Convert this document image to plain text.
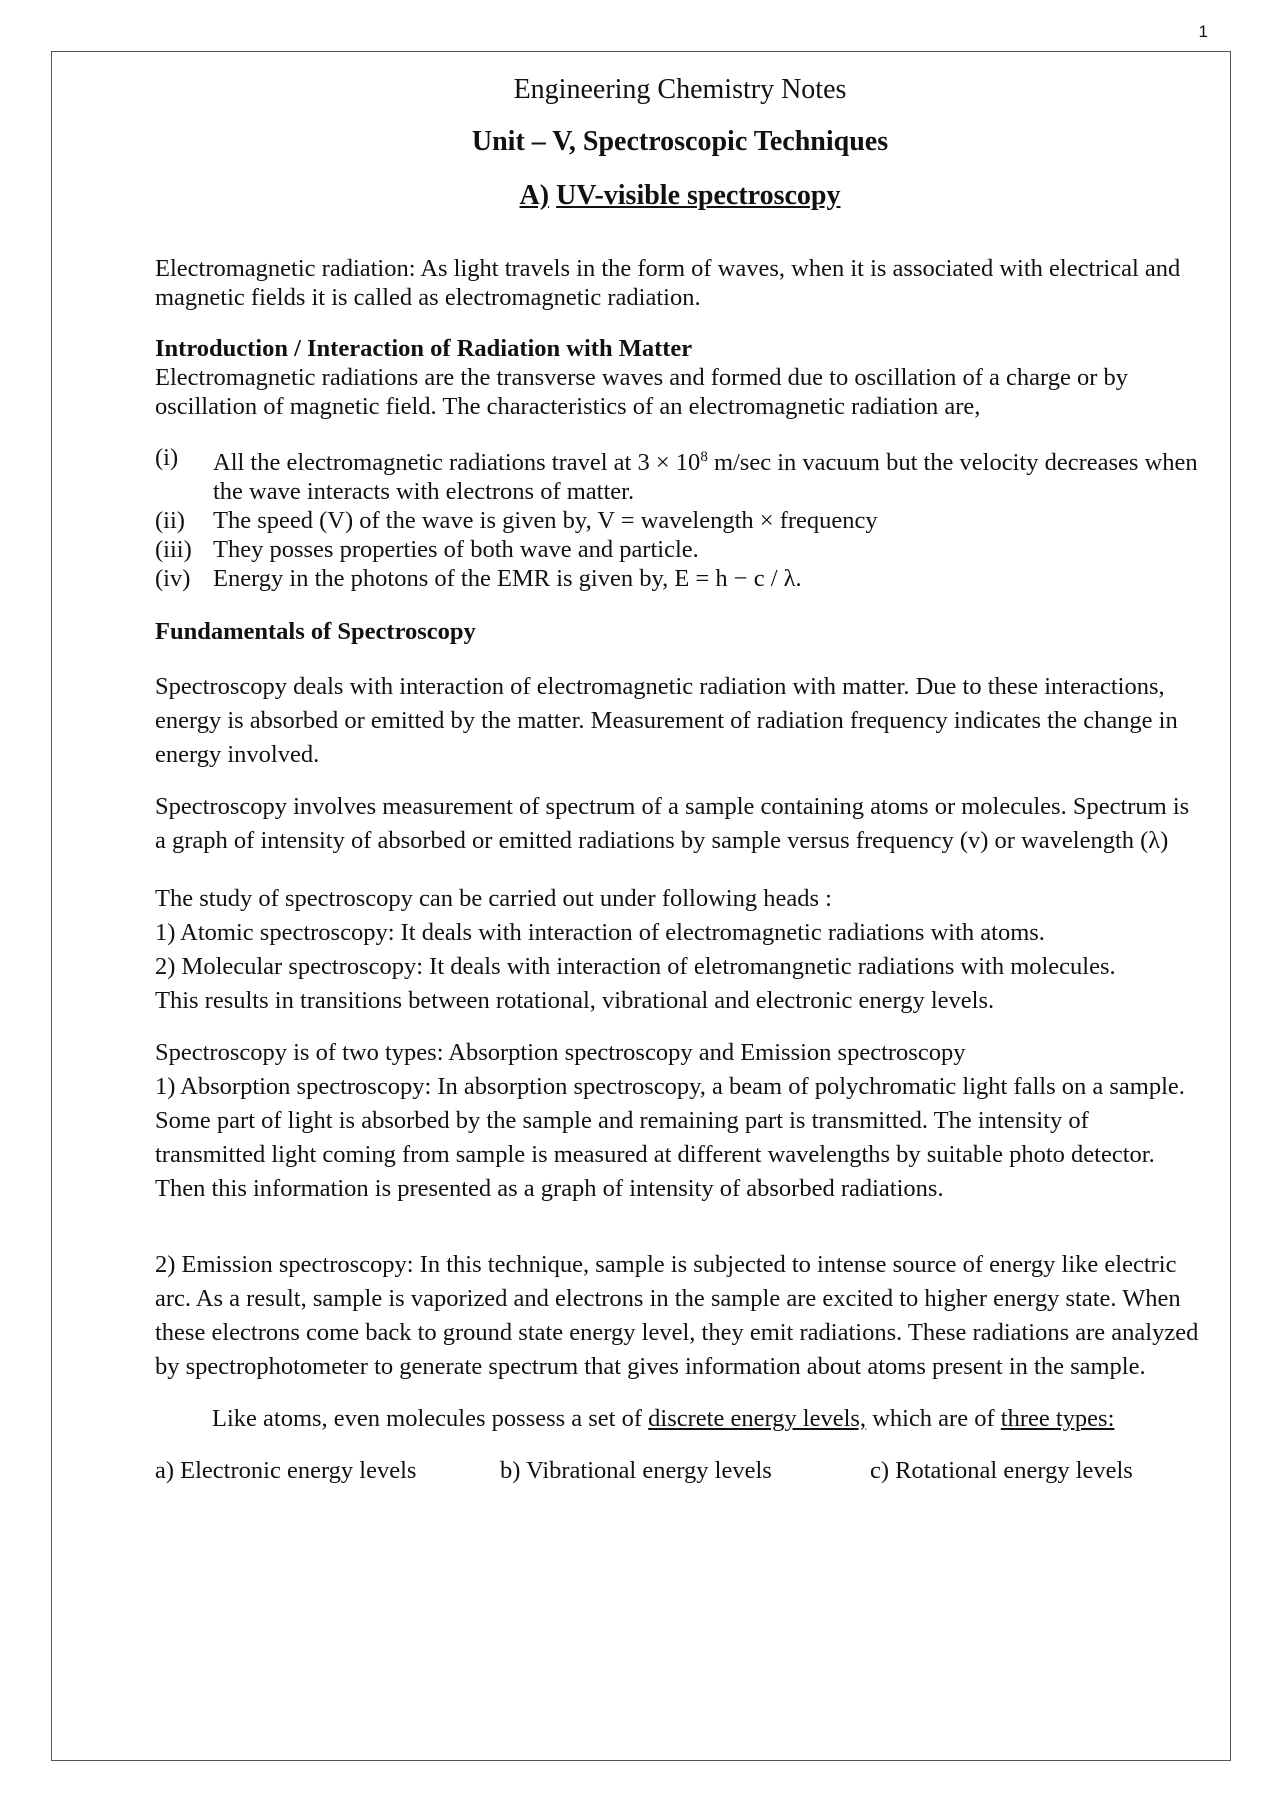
1

Engineering Chemistry Notes

Unit – V, Spectroscopic Techniques

A) UV-visible spectroscopy

Electromagnetic radiation: As light travels in the form of waves, when it is associated with electrical and magnetic fields it is called as electromagnetic radiation.

Introduction / Interaction of Radiation with Matter

Electromagnetic radiations are the transverse waves and formed due to oscillation of a charge or by oscillation of magnetic field. The characteristics of an electromagnetic radiation are,

(i)	All the electromagnetic radiations travel at $3 \times 10^8$ m/sec in vacuum but the velocity decreases when the wave interacts with electrons of matter.
(ii)	The speed (V) of the wave is given by, V = wavelength × frequency
(iii) They posses properties of both wave and particle.
(iv) Energy in the photons of the EMR is given by, E = h − c / λ.

Fundamentals of Spectroscopy

Spectroscopy deals with interaction of electromagnetic radiation with matter. Due to these interactions,

energy is absorbed or emitted by the matter. Measurement of radiation frequency indicates the change in energy involved.

Spectroscopy involves measurement of spectrum of a sample containing atoms or molecules. Spectrum is a graph of intensity of absorbed or emitted radiations by sample versus frequency (v) or wavelength (λ)

The study of spectroscopy can be carried out under following heads :

1) Atomic spectroscopy: It deals with interaction of electromagnetic radiations with atoms.

2) Molecular spectroscopy: It deals with interaction of eletromangnetic radiations with molecules.

This results in transitions between rotational, vibrational and electronic energy levels.

Spectroscopy is of two types: Absorption spectroscopy and Emission spectroscopy

1) Absorption spectroscopy: In absorption spectroscopy, a beam of polychromatic light falls on a sample. Some part of light is absorbed by the sample and remaining part is transmitted. The intensity of

transmitted light coming from sample is measured at different wavelengths by suitable photo detector. Then this information is presented as a graph of intensity of absorbed radiations.

2) Emission spectroscopy: In this technique, sample is subjected to intense source of energy like electric arc. As a result, sample is vaporized and electrons in the sample are excited to higher energy state. When these electrons come back to ground state energy level, they emit radiations. These radiations are analyzed by spectrophotometer to generate spectrum that gives information about atoms present in the sample.

Like atoms, even molecules possess a set of discrete energy levels, which are of three types:

a) Electronic energy levels	b) Vibrational energy levels	c) Rotational energy levels
